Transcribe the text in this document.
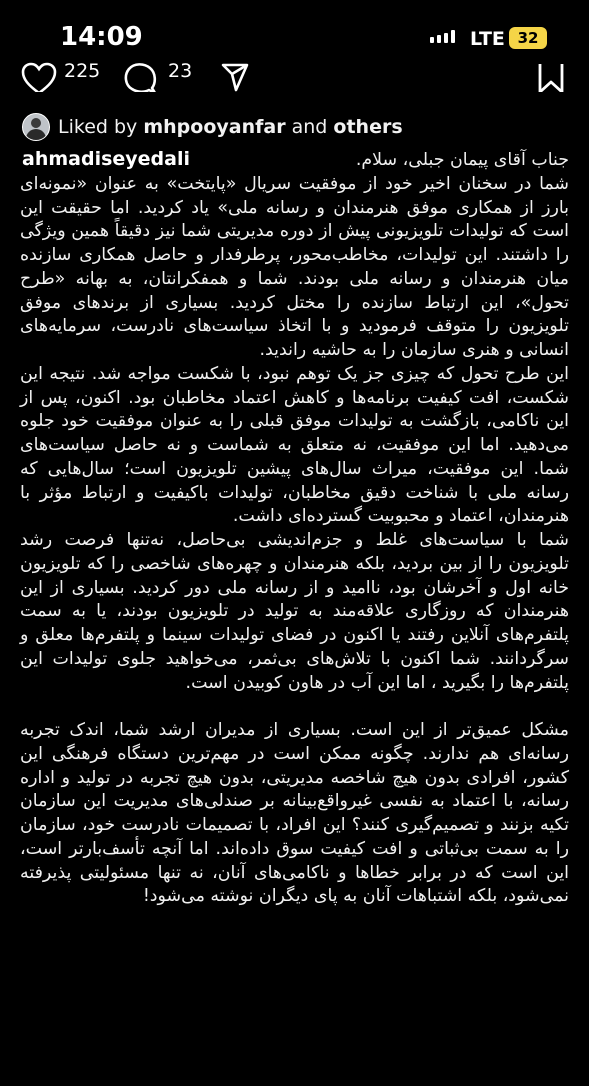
14:09	LTE 32
225	23
Liked by mhpooyanfar and others
ahmadiseyedali	جناب آقای پیمان جبلی، سلام.

شما در سخنان اخیر خود از موفقیت سریال «پایتخت» به عنوان «نمونه‌ای بارز از همکاری موفق هنرمندان و رسانه ملی» یاد کردید. اما حقیقت این است که تولیدات تلویزیونی پیش از دوره مدیریتی شما نیز دقیقاً همین ویژگی را داشتند. این تولیدات، مخاطب‌محور، پرطرفدار و حاصل همکاری سازنده میان هنرمندان و رسانه ملی بودند. شما و همفکرانتان، به بهانه «طرح تحول»، این ارتباط سازنده را مختل کردید. بسیاری از برندهای موفق تلویزیون را متوقف فرمودید و با اتخاذ سیاست‌های نادرست، سرمایه‌های انسانی و هنری سازمان را به حاشیه راندید.

این طرح تحول که چیزی جز یک توهم نبود، با شکست مواجه شد. نتیجه این شکست، افت کیفیت برنامه‌ها و کاهش اعتماد مخاطبان بود. اکنون، پس از این ناکامی، بازگشت به تولیدات موفق قبلی را به عنوان موفقیت خود جلوه می‌دهید. اما این موفقیت، نه متعلق به شماست و نه حاصل سیاست‌های شما. این موفقیت، میراث سال‌های پیشین تلویزیون است؛ سال‌هایی که رسانه ملی با شناخت دقیق مخاطبان، تولیدات باکیفیت و ارتباط مؤثر با هنرمندان، اعتماد و محبوبیت گسترده‌ای داشت.

شما با سیاست‌های غلط و جزم‌اندیشی بی‌حاصل، نه‌تنها فرصت رشد تلویزیون را از بین بردید، بلکه هنرمندان و چهره‌های شاخصی را که تلویزیون خانه اول و آخرشان بود، ناامید و از رسانه ملی دور کردید. بسیاری از این هنرمندان که روزگاری علاقه‌مند به تولید در تلویزیون بودند، یا به سمت پلتفرم‌های آنلاین رفتند یا اکنون در فضای تولیدات سینما و پلتفرم‌ها معلق و سرگردانند. شما اکنون با تلاش‌های بی‌ثمر، می‌خواهید جلوی تولیدات این پلتفرم‌ها را بگیرید ، اما این آب در هاون کوبیدن است.

مشکل عمیق‌تر از این است. بسیاری از مدیران ارشد شما، اندک تجربه رسانه‌ای هم ندارند. چگونه ممکن است در مهم‌ترین دستگاه فرهنگی این کشور، افرادی بدون هیچ شاخصه مدیریتی، بدون هیچ تجربه در تولید و اداره رسانه، با اعتماد به نفسی غیرواقع‌بینانه بر صندلی‌های مدیریت این سازمان تکیه بزنند و تصمیم‌گیری کنند؟ این افراد، با تصمیمات نادرست خود، سازمان را به سمت بی‌ثباتی و افت کیفیت سوق داده‌اند. اما آنچه تأسف‌بارتر است، این است که در برابر خطاها و ناکامی‌های آنان، نه تنها مسئولیتی پذیرفته نمی‌شود، بلکه اشتباهات آنان به پای دیگران نوشته می‌شود!
